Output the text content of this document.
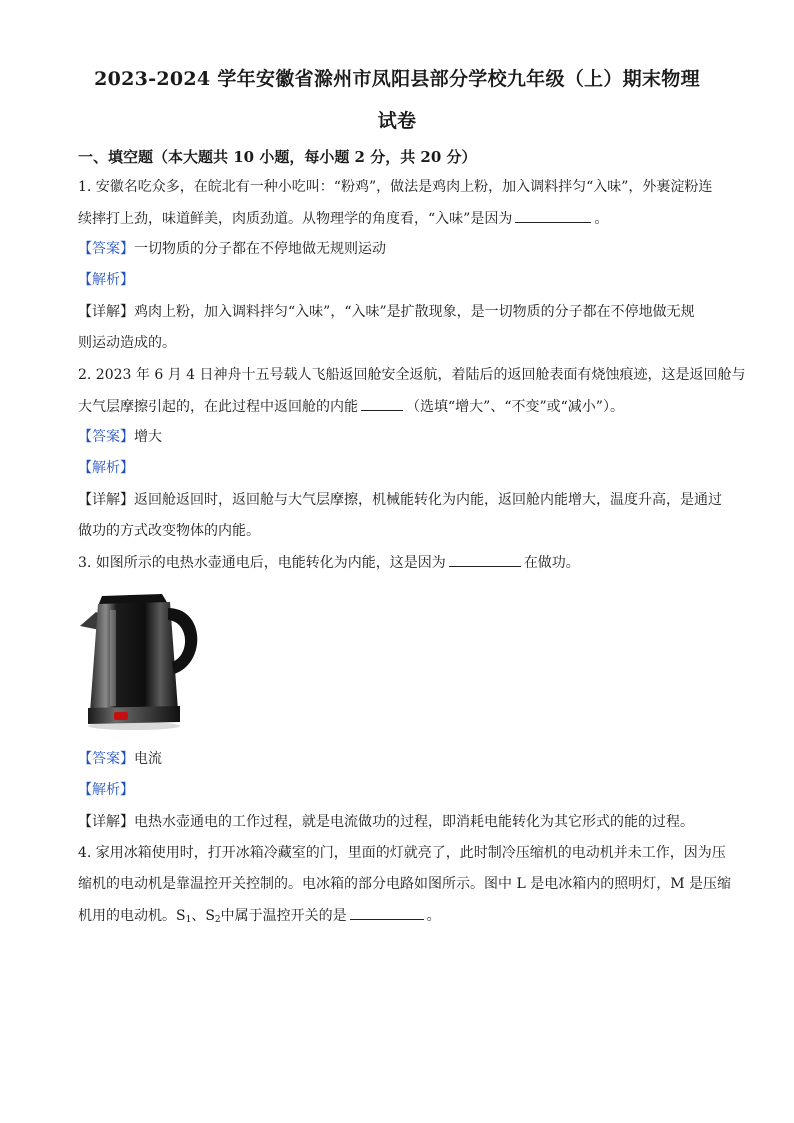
2023-2024 学年安徽省滁州市凤阳县部分学校九年级（上）期末物理
试卷
一、填空题（本大题共 10 小题，每小题 2 分，共 20 分）
1. 安徽名吃众多，在皖北有一种小吃叫：“粉鸡”，做法是鸡肉上粉，加入调料拌匀“入味”，外裹淀粉连
续摔打上劲，味道鲜美，肉质劲道。从物理学的角度看，“入味”是因为	。
【答案】一切物质的分子都在不停地做无规则运动
【解析】
【详解】鸡肉上粉，加入调料拌匀“入味”，“入味”是扩散现象，是一切物质的分子都在不停地做无规
则运动造成的。
2. 2023 年 6 月 4 日神舟十五号载人飞船返回舱安全返航，着陆后的返回舱表面有烧蚀痕迹，这是返回舱与
大气层摩擦引起的，在此过程中返回舱的内能	（选填“增大”、“不变”或“减小”）。
【答案】增大
【解析】
【详解】返回舱返回时，返回舱与大气层摩擦，机械能转化为内能，返回舱内能增大，温度升高，是通过
做功的方式改变物体的内能。
3. 如图所示的电热水壶通电后，电能转化为内能，这是因为	在做功。
【答案】电流
【解析】
【详解】电热水壶通电的工作过程，就是电流做功的过程，即消耗电能转化为其它形式的能的过程。
4. 家用冰箱使用时，打开冰箱冷藏室的门，里面的灯就亮了，此时制冷压缩机的电动机并未工作，因为压
缩机的电动机是靠温控开关控制的。电冰箱的部分电路如图所示。图中 L 是电冰箱内的照明灯，M 是压缩
机用的电动机。$S_1$、$S_2$中属于温控开关的是	。
